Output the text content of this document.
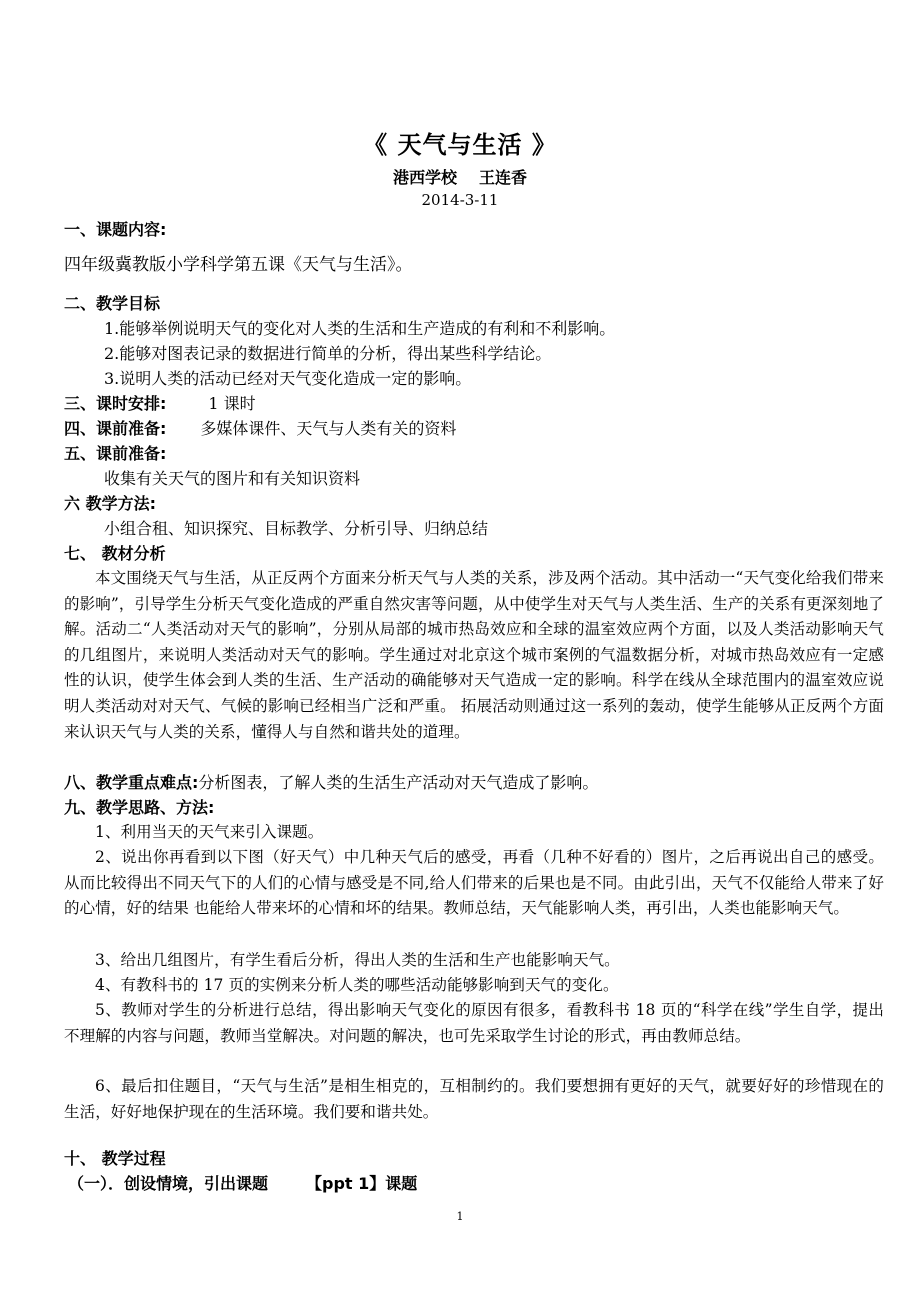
《 天气与生活 》
港西学校 王连香
2014-3-11
一、课题内容:
四年级冀教版小学科学第五课《天气与生活》。
二、教学目标
1.能够举例说明天气的变化对人类的生活和生产造成的有利和不利影响。
2.能够对图表记录的数据进行简单的分析，得出某些科学结论。
3.说明人类的活动已经对天气变化造成一定的影响。
三、课时安排:	1 课时
四、课前准备: 多媒体课件、天气与人类有关的资料
五、课前准备:
收集有关天气的图片和有关知识资料
六 教学方法:
小组合租、知识探究、目标教学、分析引导、归纳总结
七、 教材分析
本文围绕天气与生活，从正反两个方面来分析天气与人类的关系，涉及两个活动。其中活动一“天气变化给我们带来的影响”，引导学生分析天气变化造成的严重自然灾害等问题，从中使学生对天气与人类生活、生产的关系有更深刻地了解。活动二“人类活动对天气的影响”，分别从局部的城市热岛效应和全球的温室效应两个方面，以及人类活动影响天气的几组图片，来说明人类活动对天气的影响。学生通过对北京这个城市案例的气温数据分析，对城市热岛效应有一定感性的认识，使学生体会到人类的生活、生产活动的确能够对天气造成一定的影响。科学在线从全球范围内的温室效应说明人类活动对对天气、气候的影响已经相当广泛和严重。 拓展活动则通过这一系列的轰动，使学生能够从正反两个方面来认识天气与人类的关系，懂得人与自然和谐共处的道理。
八、教学重点难点:分析图表，了解人类的生活生产活动对天气造成了影响。
九、教学思路、方法:
1、利用当天的天气来引入课题。
2、说出你再看到以下图（好天气）中几种天气后的感受，再看（几种不好看的）图片，之后再说出自己的感受。从而比较得出不同天气下的人们的心情与感受是不同,给人们带来的后果也是不同。由此引出，天气不仅能给人带来了好的心情，好的结果 也能给人带来坏的心情和坏的结果。教师总结，天气能影响人类，再引出，人类也能影响天气。
3、给出几组图片，有学生看后分析，得出人类的生活和生产也能影响天气。
4、有教科书的 17 页的实例来分析人类的哪些活动能够影响到天气的变化。
5、教师对学生的分析进行总结，得出影响天气变化的原因有很多，看教科书 18 页的“科学在线”学生自学，提出不理解的内容与问题，教师当堂解决。对问题的解决，也可先采取学生讨论的形式，再由教师总结。
6、最后扣住题目，“天气与生活”是相生相克的，互相制约的。我们要想拥有更好的天气，就要好好的珍惜现在的生活，好好地保护现在的生活环境。我们要和谐共处。
十、 教学过程
（一）．创设情境，引出课题 【ppt 1】课题
1
